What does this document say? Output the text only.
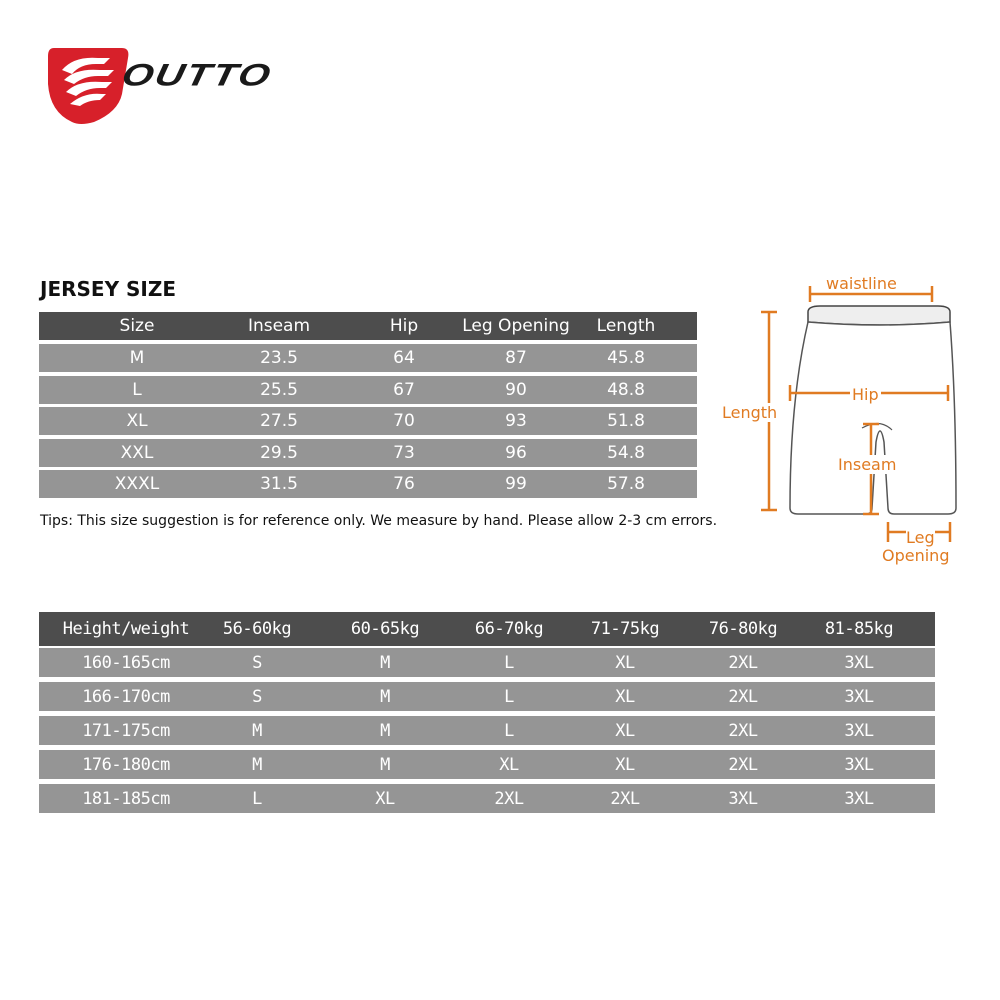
OUTTO
JERSEY SIZE
Size	Inseam	Hip	Leg Opening	Length
M	23.5	64	87	45.8
L	25.5	67	90	48.8
XL	27.5	70	93	51.8
XXL	29.5	73	96	54.8
XXXL	31.5	76	99	57.8
Tips: This size suggestion is for reference only. We measure by hand. Please allow 2-3 cm errors.
waistline
Hip
Length
Inseam
Leg
Opening
Height/weight	56-60kg	60-65kg	66-70kg	71-75kg	76-80kg	81-85kg
160-165cm	S	M	L	XL	2XL	3XL
166-170cm	S	M	L	XL	2XL	3XL
171-175cm	M	M	L	XL	2XL	3XL
176-180cm	M	M	XL	XL	2XL	3XL
181-185cm	L	XL	2XL	2XL	3XL	3XL
